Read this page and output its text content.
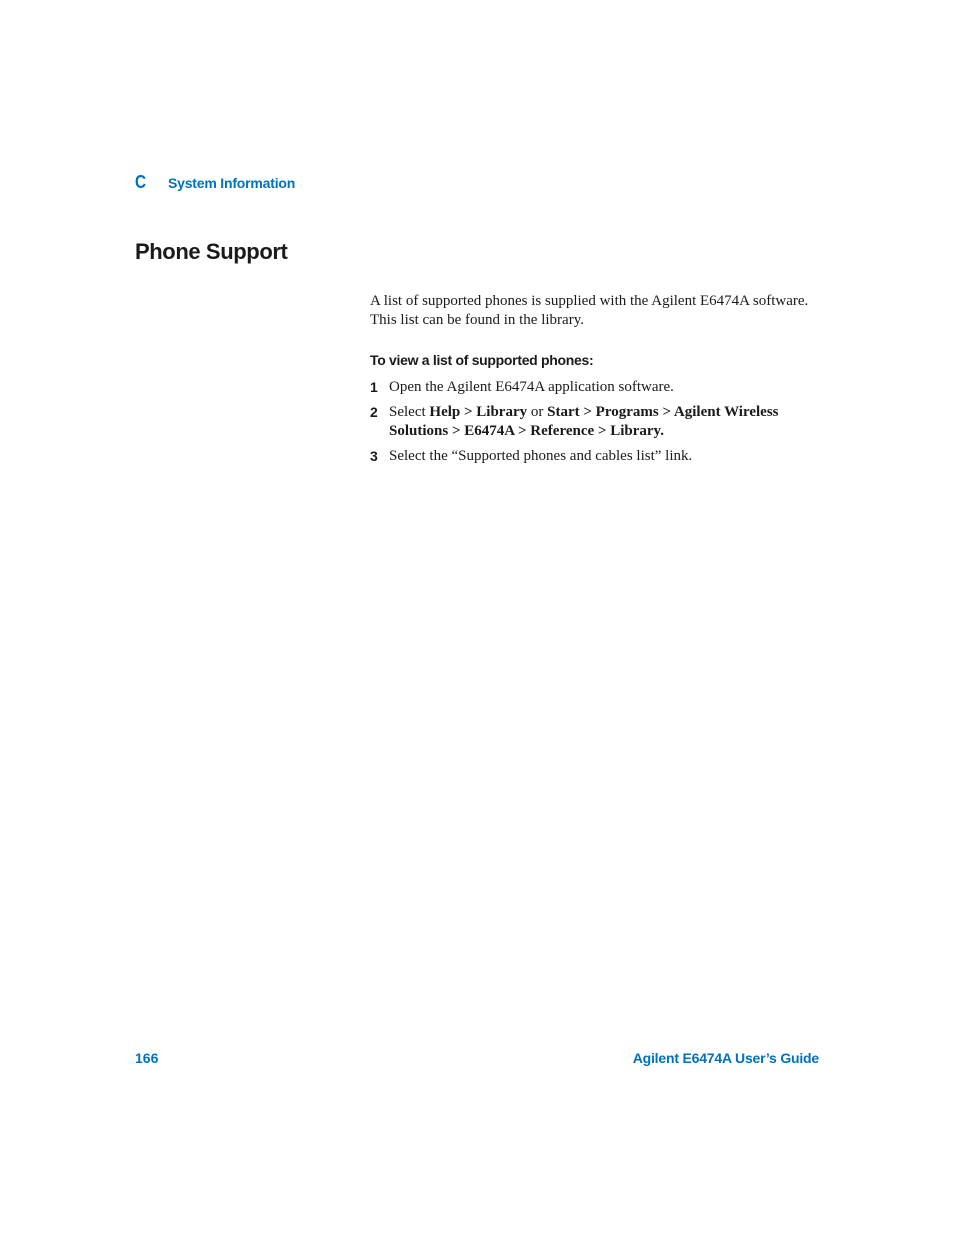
C	System Information
Phone Support

A list of supported phones is supplied with the Agilent E6474A software. This list can be found in the library.

To view a list of supported phones:
1 Open the Agilent E6474A application software.
2 Select Help > Library or Start > Programs > Agilent Wireless Solutions > E6474A > Reference > Library.
3 Select the “Supported phones and cables list” link.
166	Agilent E6474A User’s Guide
